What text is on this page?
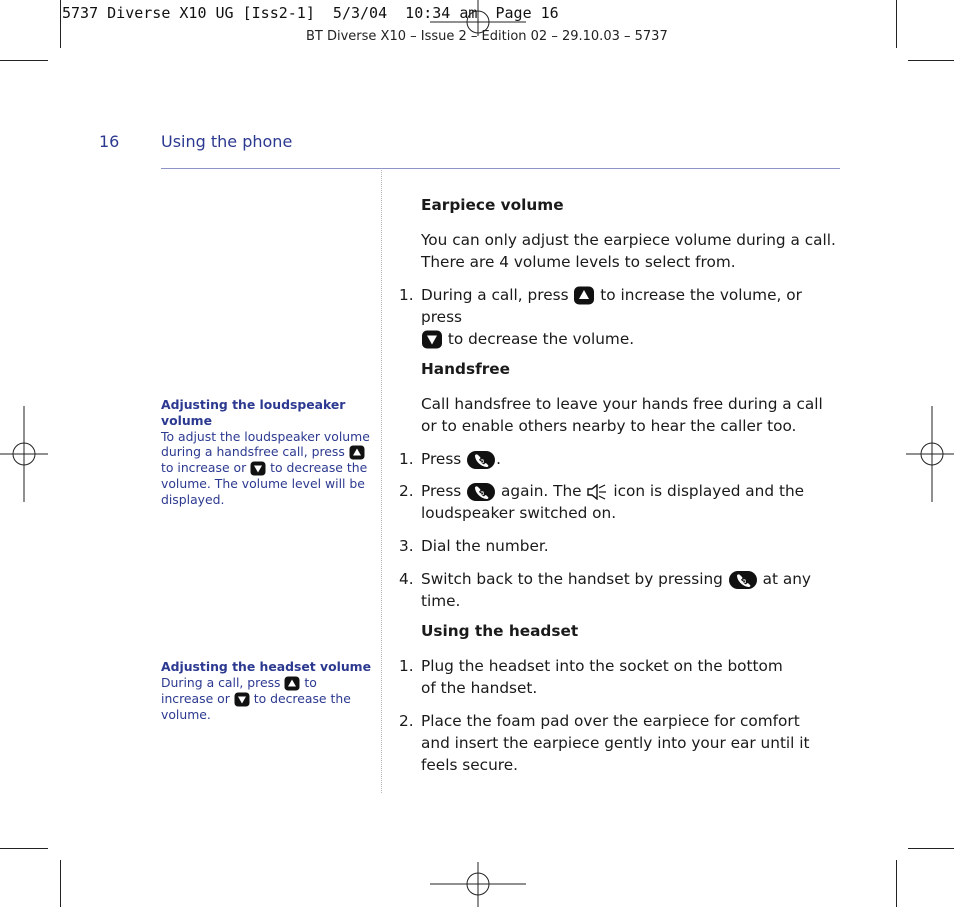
5737 Diverse X10 UG [Iss2-1]  5/3/04  10:34 am  Page 16
BT Diverse X10 – Issue 2 – Edition 02 – 29.10.03 – 5737
16	Using the phone
Adjusting the loudspeaker volume
To adjust the loudspeaker volume during a handsfree call, press  to increase or to decrease the volume. The volume level will be displayed.
Adjusting the headset volume
During a call, press to increase or to decrease the volume.
Earpiece volume
You can only adjust the earpiece volume during a call. There are 4 volume levels to select from.
1. During a call, press to increase the volume, or press
to decrease the volume.
Handsfree
Call handsfree to leave your hands free during a call or to enable others nearby to hear the caller too.
1. Press	a .
2. Press	a again. The icon is displayed and the loudspeaker switched on.
3. Dial the number.
4. Switch back to the handset by pressing	a at any time.
Using the headset
1. Plug the headset into the socket on the bottom of the handset.
2. Place the foam pad over the earpiece for comfort and insert the earpiece gently into your ear until it feels secure.
